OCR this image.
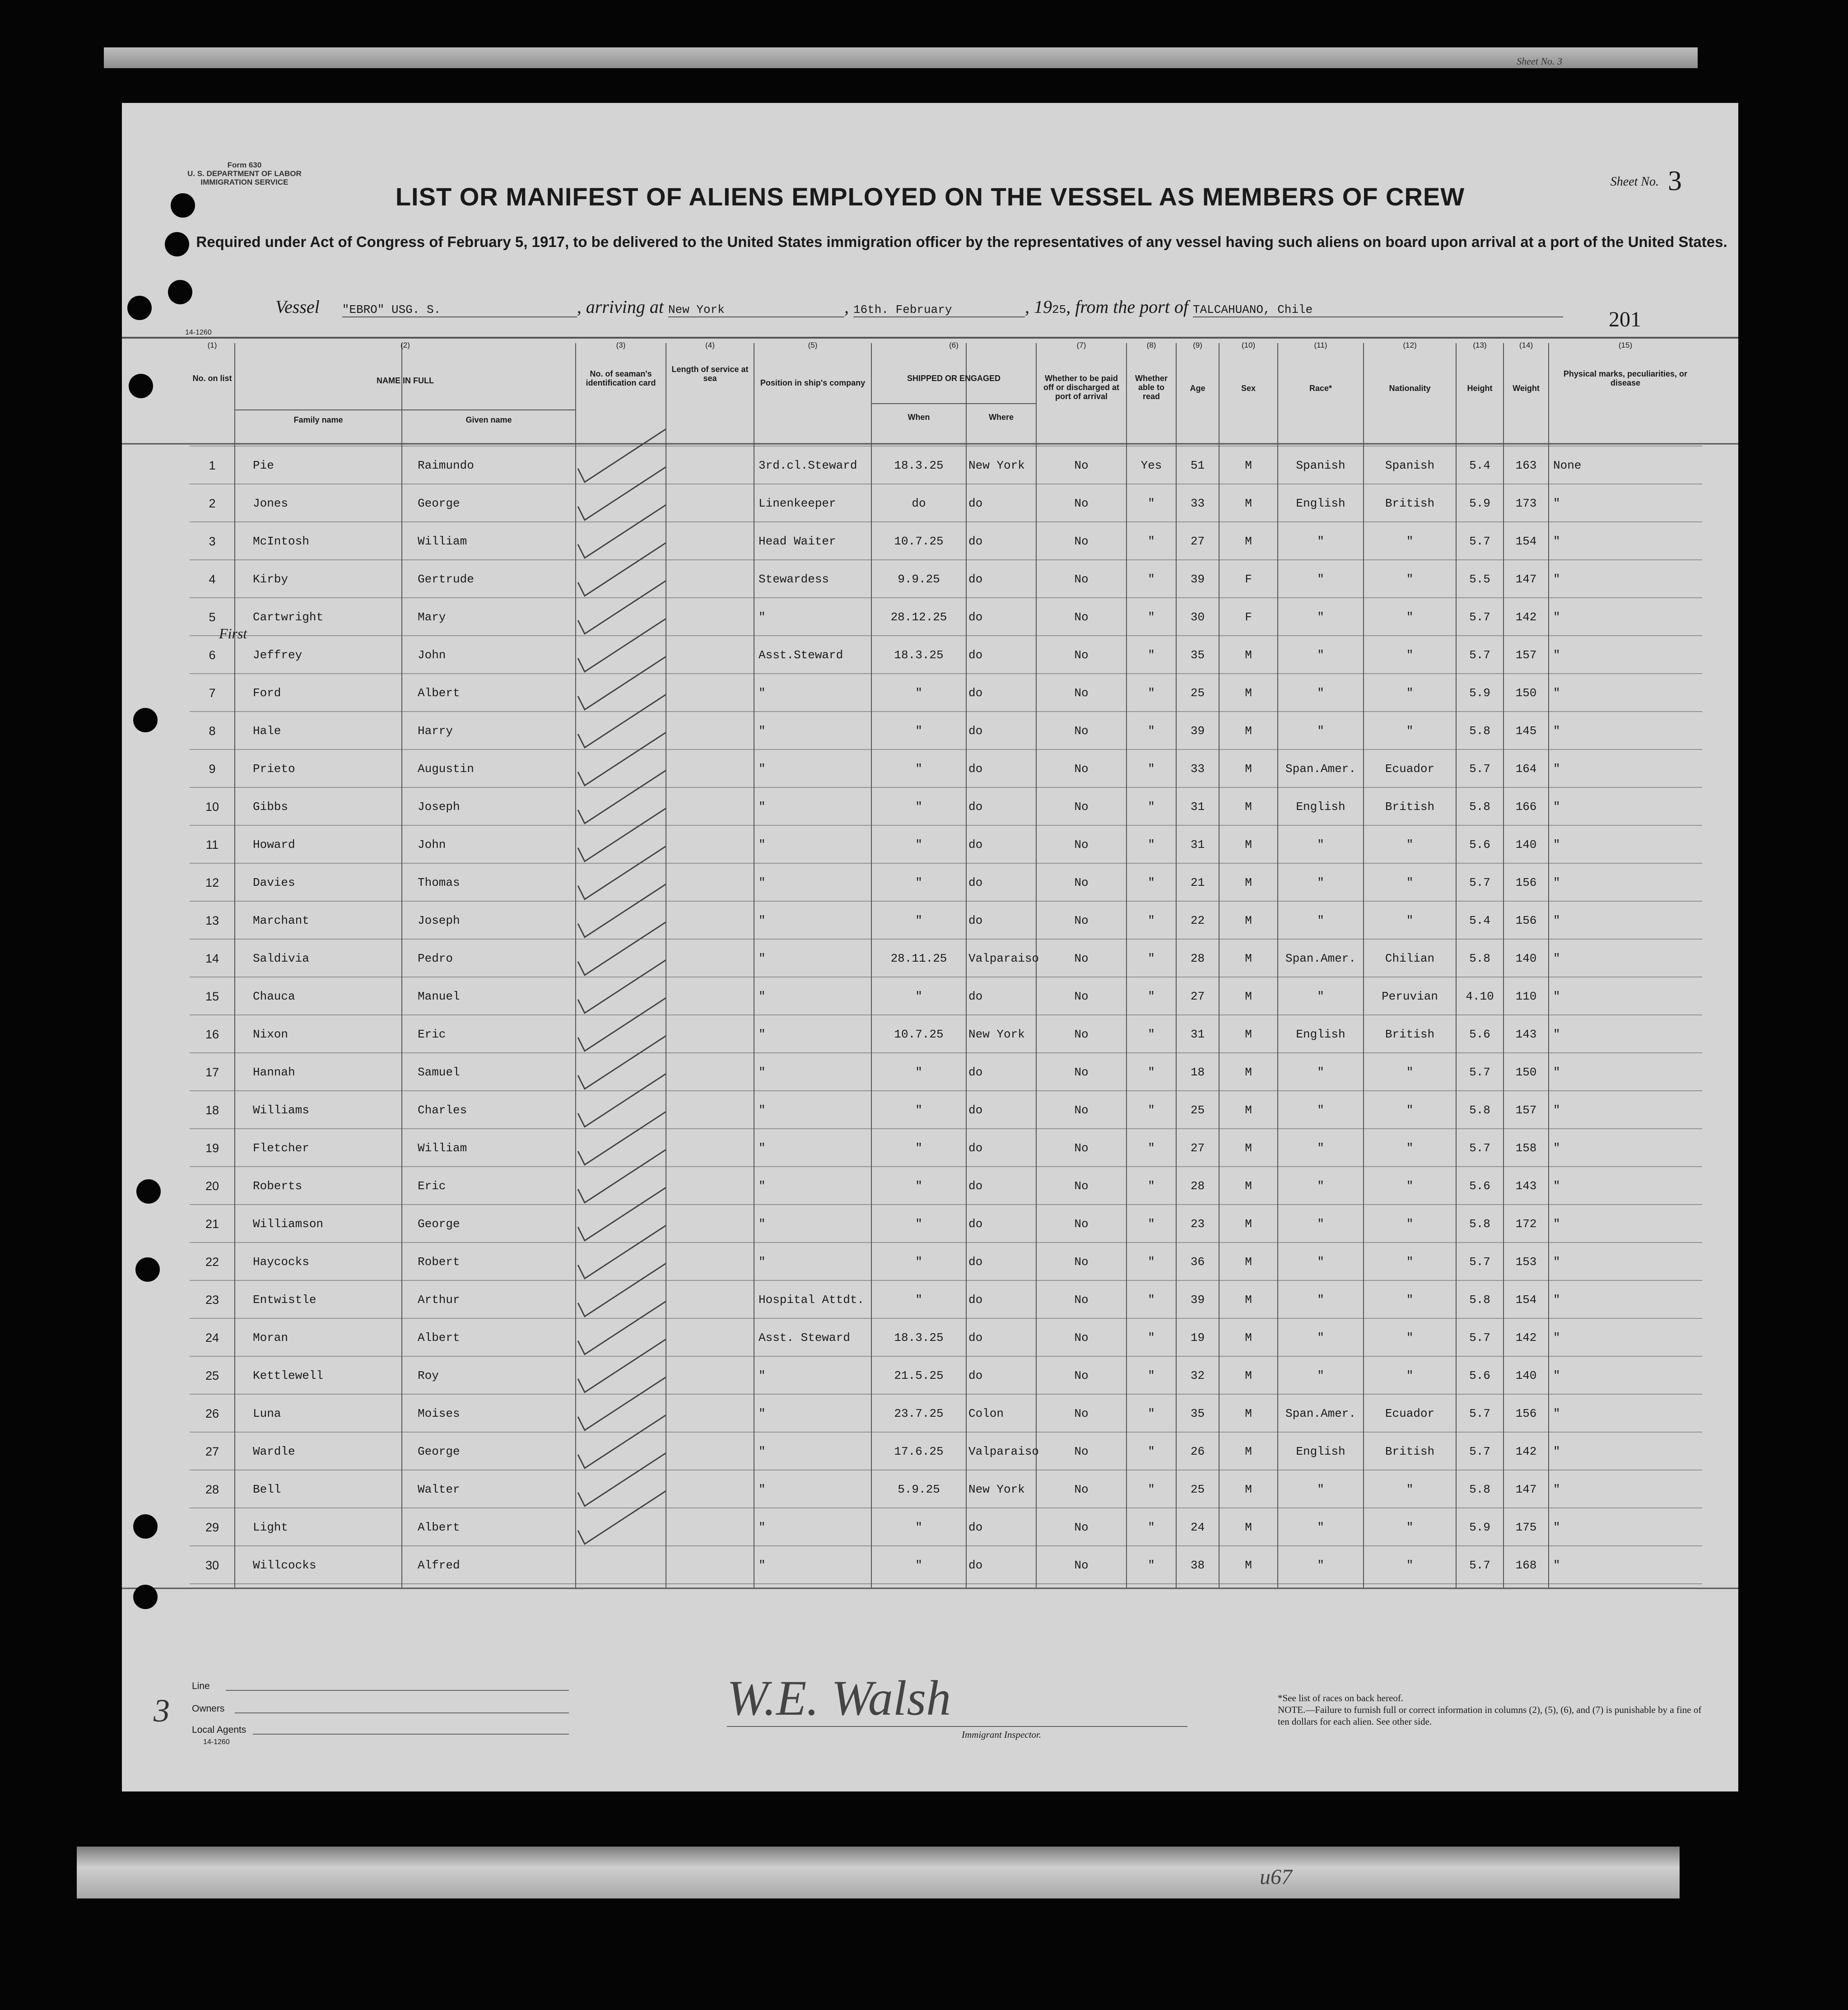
Sheet No. 3
Form 630
U. S. DEPARTMENT OF LABOR
IMMIGRATION SERVICE	Sheet No. 3
LIST OR MANIFEST OF ALIENS EMPLOYED ON THE VESSEL AS MEMBERS OF CREW
Required under Act of Congress of February 5, 1917, to be delivered to the United States immigration officer by the representatives of any vessel having such aliens on board upon arrival at a port of the United States.
Vessel "EBRO" USG. S.	, arriving at New York	, 16th. February	, 1925, from the port of TALCAHUANO, Chile	201
14-1260
(1)	(2)	(3)	(4)	(5)	(6)	(7)	(8)	(9)	(10)	(11)	(12)	(13)	(14)	(15)
No. on list	NAME IN FULL
Family name	Given name
No. of seaman's identification card
Length of service at sea	Position in ship's company	SHIPPED OR ENGAGED
When	Where
Whether to be paid off or discharged at port of arrival
Whether able to read
Age	Sex	Race*	Nationality	Height	Weight
Physical marks, peculiarities, or disease
1	Pie	Raimundo	3rd.cl.Steward	18.3.25	New York	No	Yes	51	M	Spanish	Spanish	5.4	163	None
2	Jones	George	Linenkeeper	do	do	No	"	33	M	English	British	5.9	173	"
3	McIntosh	William	Head Waiter	10.7.25	do	No	"	27	M	"	"	5.7	154	"
4	Kirby	Gertrude	Stewardess	9.9.25	do	No	"	39	F	"	"	5.5	147	"
5	Cartwright	Mary	"	28.12.25	do	No	"	30	F	"	"	5.7	142	"
6	Jeffrey	John	Asst.Steward	18.3.25	do	No	"	35	M	"	"	5.7	157	"
7	Ford	Albert	"	"	do	No	"	25	M	"	"	5.9	150	"
8	Hale	Harry	"	"	do	No	"	39	M	"	"	5.8	145	"
9	Prieto	Augustin	"	"	do	No	"	33	M	Span.Amer.	Ecuador	5.7	164	"
10	Gibbs	Joseph	"	"	do	No	"	31	M	English	British	5.8	166	"
11	Howard	John	"	"	do	No	"	31	M	"	"	5.6	140	"
12	Davies	Thomas	"	"	do	No	"	21	M	"	"	5.7	156	"
13	Marchant	Joseph	"	"	do	No	"	22	M	"	"	5.4	156	"
14	Saldivia	Pedro	"	28.11.25	Valparaiso	No	"	28	M	Span.Amer.	Chilian	5.8	140	"
15	Chauca	Manuel	"	"	do	No	"	27	M	"	Peruvian	4.10	110	"
16	Nixon	Eric	"	10.7.25	New York	No	"	31	M	English	British	5.6	143	"
17	Hannah	Samuel	"	"	do	No	"	18	M	"	"	5.7	150	"
18	Williams	Charles	"	"	do	No	"	25	M	"	"	5.8	157	"
19	Fletcher	William	"	"	do	No	"	27	M	"	"	5.7	158	"
20	Roberts	Eric	"	"	do	No	"	28	M	"	"	5.6	143	"
21	Williamson	George	"	"	do	No	"	23	M	"	"	5.8	172	"
22	Haycocks	Robert	"	"	do	No	"	36	M	"	"	5.7	153	"
23	Entwistle	Arthur	Hospital Attdt.	"	do	No	"	39	M	"	"	5.8	154	"
24	Moran	Albert	Asst. Steward	18.3.25	do	No	"	19	M	"	"	5.7	142	"
25	Kettlewell	Roy	"	21.5.25	do	No	"	32	M	"	"	5.6	140	"
26	Luna	Moises	"	23.7.25	Colon	No	"	35	M	Span.Amer.	Ecuador	5.7	156	"
27	Wardle	George	"	17.6.25	Valparaiso	No	"	26	M	English	British	5.7	142	"
28	Bell	Walter	"	5.9.25	New York	No	"	25	M	"	"	5.8	147	"
29	Light	Albert	"	"	do	No	"	24	M	"	"	5.9	175	"
30	Willcocks	Alfred	"	"	do	No	"	38	M	"	"	5.7	168	"
First
Line
Owners
Local Agents
14-1260
3	W.E. Walsh
Immigrant Inspector.
*See list of races on back hereof.
NOTE.—Failure to furnish full or correct information in columns (2), (5), (6), and (7) is punishable by a fine of ten dollars for each alien. See other side.
u67
